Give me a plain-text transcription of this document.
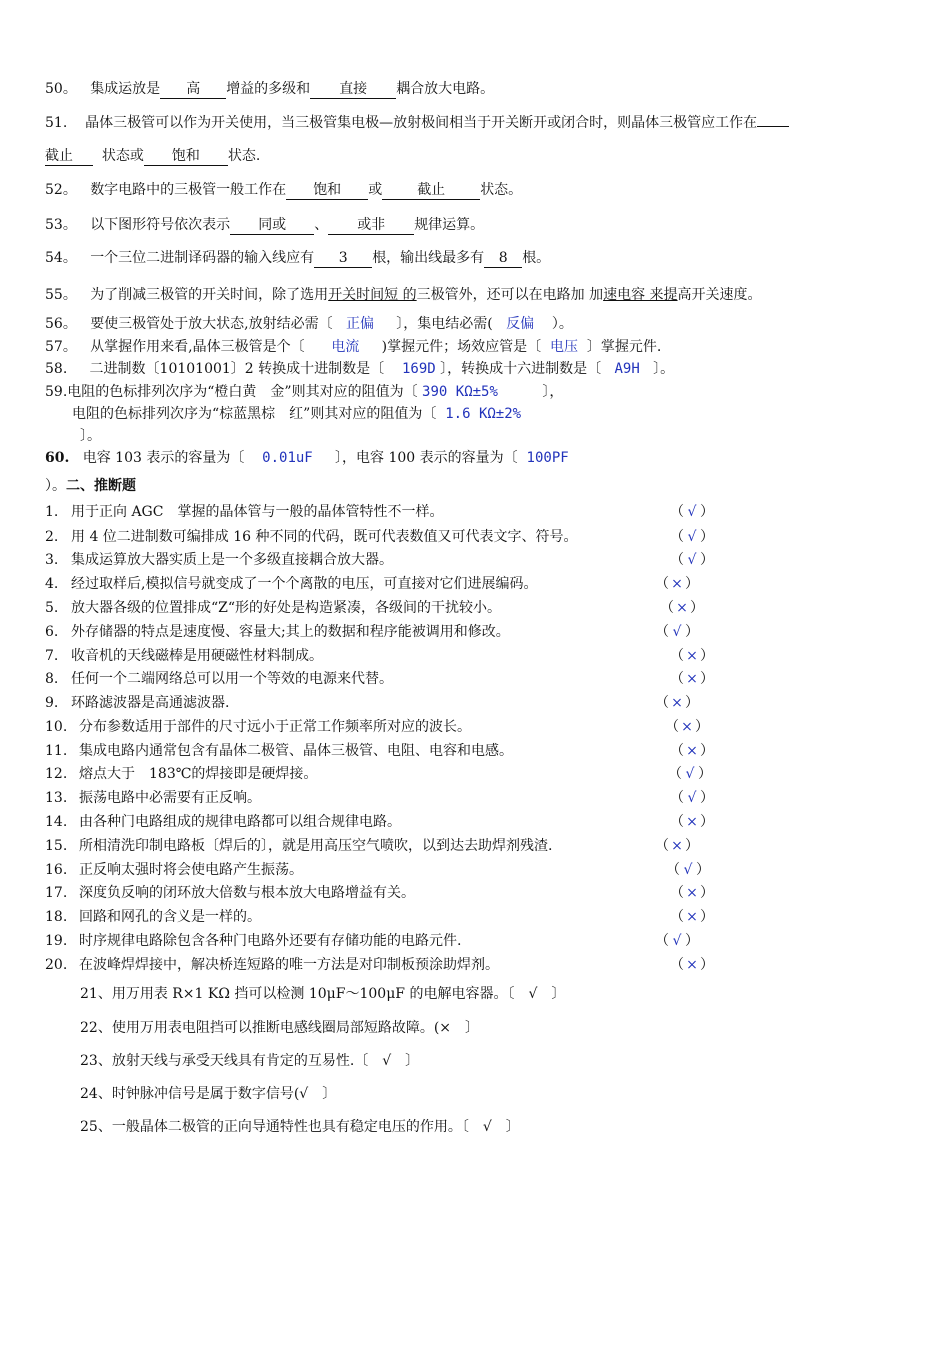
50。 集成运放是 高 增益的多级和 直接 耦合放大电路。
51. 晶体三极管可以作为开关使用，当三极管集电极—放射极间相当于开关断开或闭合时，则晶体三极管应工作在
截止 状态或 饱和 状态.
52。 数字电路中的三极管一般工作在 饱和 或	截止	状态。
53。 以下图形符号依次表示 同或 、 或非 规律运算。
54。 一个三位二进制译码器的输入线应有 3 根，输出线最多有 8 根。
55。 为了削减三极管的开关时间，除了选用开关时间短 的三极管外，还可以在电路加 加速电容 来提高开关速度。
56。 要使三极管处于放大状态,放射结必需〔 正偏 〕，集电结必需( 反偏 ）。
57。 从掌握作用来看,晶体三极管是个〔 电流 )掌握元件；场效应管是〔 电压 〕掌握元件.
58. 二进制数〔10101001〕2 转换成十进制数是〔 169D 〕，转换成十六进制数是〔 A9H 〕。
59.电阻的色标排列次序为“橙白黄　金”则其对应的阻值为〔 390 KΩ±5%	〕，
电阻的色标排列次序为“棕蓝黑棕　红”则其对应的阻值为〔 1.6 KΩ±2%
〕。
60. 电容 103 表示的容量为〔 0.01uF 〕，电容 100 表示的容量为〔 100PF
）。二、推断题
1. 用于正向 AGC　掌握的晶体管与一般的晶体管特性不一样。	（ √ ）
2. 用 4 位二进制数可编排成 16 种不同的代码，既可代表数值又可代表文字、符号。	（ √ ）
3. 集成运算放大器实质上是一个多级直接耦合放大器。	（ √ ）
4. 经过取样后,模拟信号就变成了一个个离散的电压，可直接对它们进展编码。	（ × ）
5. 放大器各级的位置排成“Z“形的好处是构造紧凑，各级间的干扰较小。	（ × ）
6. 外存储器的特点是速度慢、容量大;其上的数据和程序能被调用和修改。	（ √ ）
7. 收音机的天线磁棒是用硬磁性材料制成。	（ × ）
8. 任何一个二端网络总可以用一个等效的电源来代替。	（ × ）
9. 环路滤波器是高通滤波器.	（ × ）
10. 分布参数适用于部件的尺寸远小于正常工作频率所对应的波长。	（ × ）
11. 集成电路内通常包含有晶体二极管、晶体三极管、电阻、电容和电感。	（ × ）
12. 熔点大于　183℃的焊接即是硬焊接。	（ √ ）
13. 振荡电路中必需要有正反响。	（ √ ）
14. 由各种门电路组成的规律电路都可以组合规律电路。	（ × ）
15. 所相清洗印制电路板〔焊后的〕，就是用高压空气喷吹，以到达去助焊剂残渣.	（ × ）
16. 正反响太强时将会使电路产生振荡。	（ √ ）
17. 深度负反响的闭环放大倍数与根本放大电路增益有关。	（ × ）
18. 回路和网孔的含义是一样的。	（ × ）
19. 时序规律电路除包含各种门电路外还要有存储功能的电路元件.	（ √ ）
20. 在波峰焊焊接中，解决桥连短路的唯一方法是对印制板预涂助焊剂。	（ × ）
21、用万用表 R×1 KΩ 挡可以检测 10μF～100μF 的电解电容器。〔　√　〕
22、使用万用表电阻挡可以推断电感线圈局部短路故障。(×　〕
23、放射天线与承受天线具有肯定的互易性.〔　√　〕
24、时钟脉冲信号是属于数字信号(√　〕
25、一般晶体二极管的正向导通特性也具有稳定电压的作用。〔　√　〕
